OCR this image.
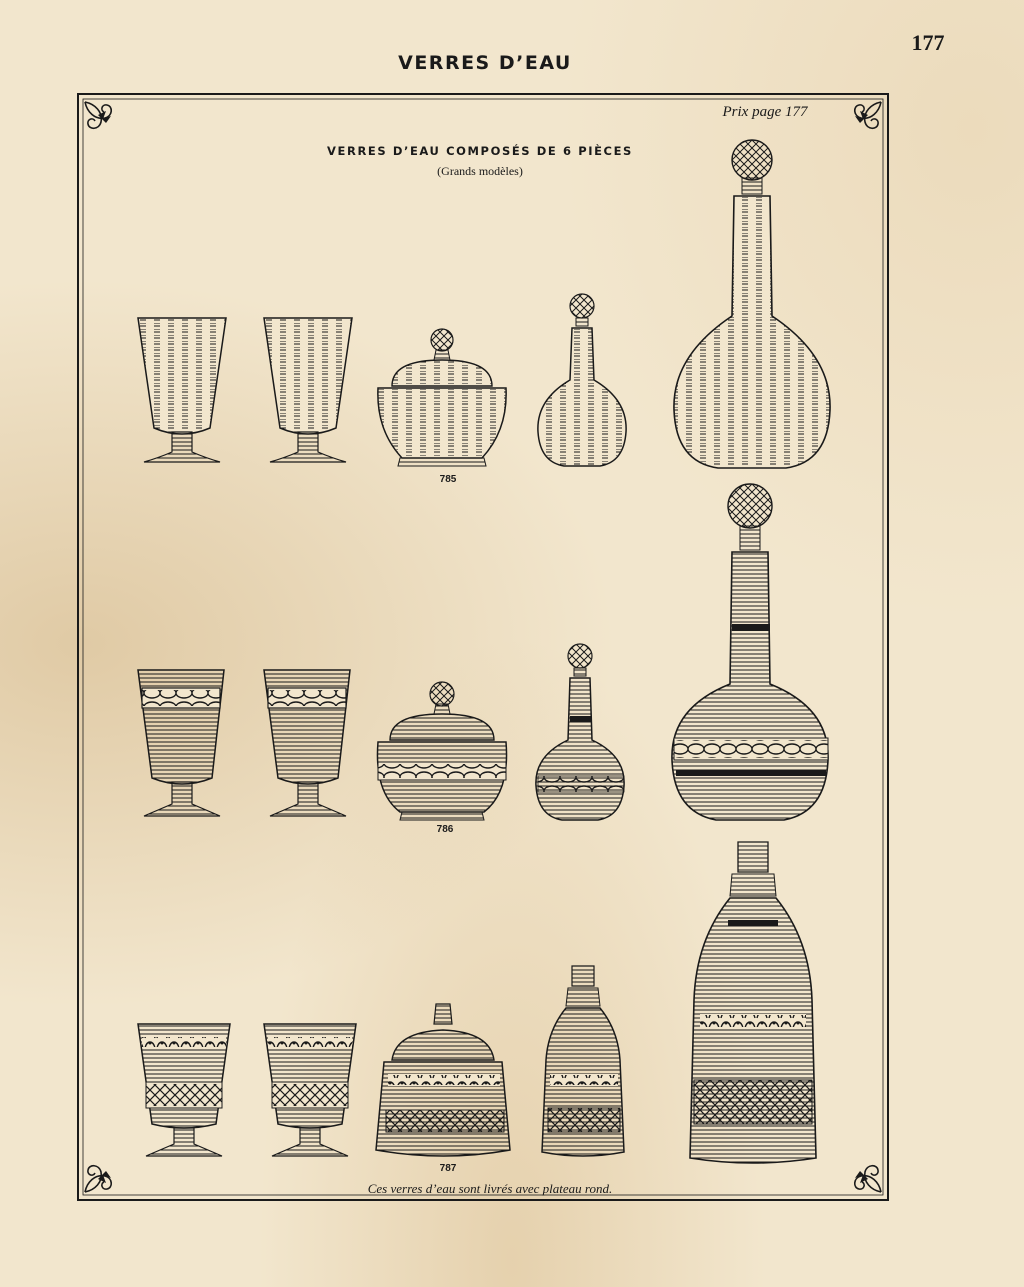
177
VERRES D’EAU
Prix page 177
VERRES D’EAU COMPOSÉS DE 6 PIÈCES
(Grands modèles)
785
786
787
Ces verres d’eau sont livrés avec plateau rond.
